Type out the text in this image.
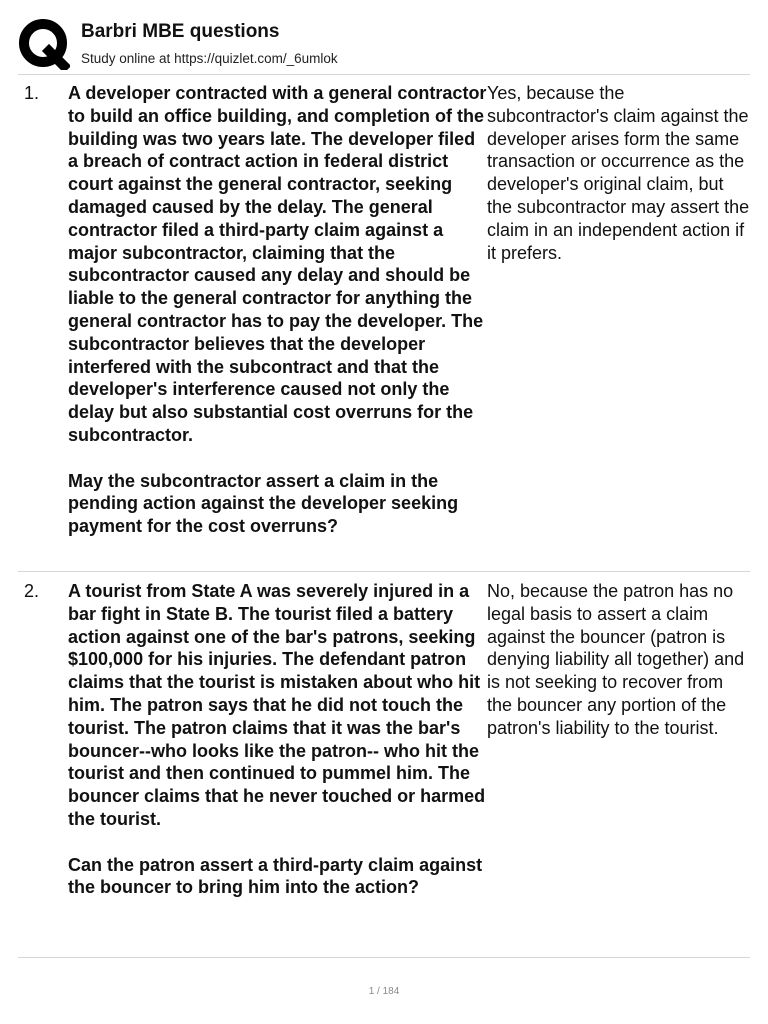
Barbri MBE questions
Study online at https://quizlet.com/_6umlok
1. A developer contracted with a general contractor to build an office building, and completion of the building was two years late. The developer filed a breach of contract action in federal district court against the general contractor, seeking damaged caused by the delay. The general contractor filed a third-party claim against a major subcontractor, claiming that the subcontractor caused any delay and should be liable to the general contractor for anything the general contractor has to pay the developer. The subcontractor believes that the developer interfered with the subcontract and that the developer's interference caused not only the delay but also substantial cost overruns for the subcontractor.

May the subcontractor assert a claim in the pending action against the developer seeking payment for the cost overruns?

Yes, because the subcontractor's claim against the developer arises form the same transaction or occurrence as the developer's original claim, but the subcontractor may assert the claim in an independent action if it prefers.
2. A tourist from State A was severely injured in a bar fight in State B. The tourist filed a battery action against one of the bar's patrons, seeking $100,000 for his injuries. The defendant patron claims that the tourist is mistaken about who hit him. The patron says that he did not touch the tourist. The patron claims that it was the bar's bouncer--who looks like the patron-- who hit the tourist and then continued to pummel him. The bouncer claims that he never touched or harmed the tourist.

Can the patron assert a third-party claim against the bouncer to bring him into the action?

No, because the patron has no legal basis to assert a claim against the bouncer (patron is denying liability all together) and is not seeking to recover from the bouncer any portion of the patron's liability to the tourist.
1 / 184
